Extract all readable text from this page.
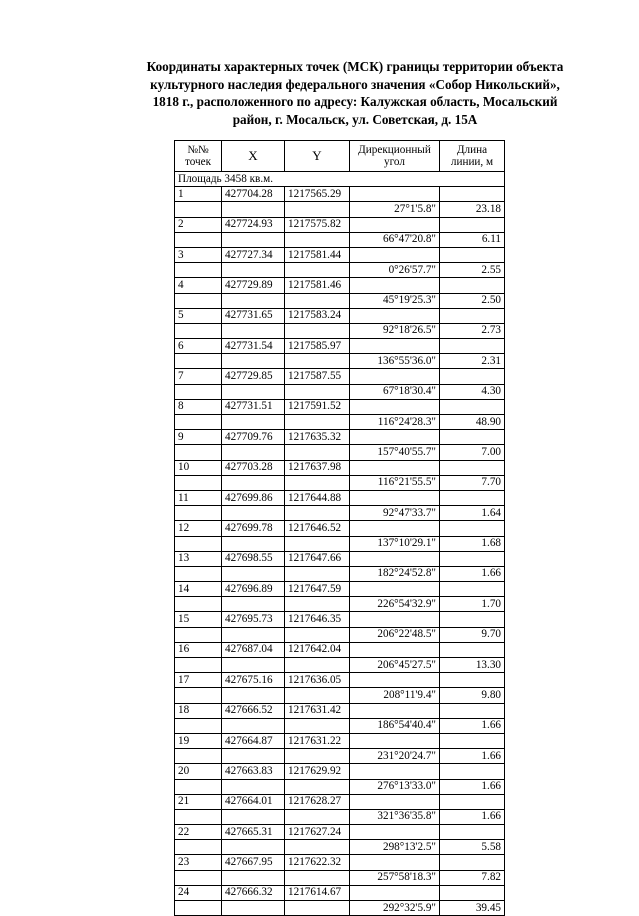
Координаты характерных точек (МСК) границы территории объекта
культурного наследия федерального значения «Собор Никольский»,
1818 г., расположенного по адресу: Калужская область, Мосальский
район, г. Мосальск, ул. Советская, д. 15А
№№ точек	X	Y	Дирекционный угол	Длина линии, м
Площадь 3458 кв.м.				
1	427704.28	1217565.29		
			27°1'5.8"	23.18
2	427724.93	1217575.82		
			66°47'20.8"	6.11
3	427727.34	1217581.44		
			0°26'57.7"	2.55
4	427729.89	1217581.46		
			45°19'25.3"	2.50
5	427731.65	1217583.24		
			92°18'26.5"	2.73
6	427731.54	1217585.97		
			136°55'36.0"	2.31
7	427729.85	1217587.55		
			67°18'30.4"	4.30
8	427731.51	1217591.52		
			116°24'28.3"	48.90
9	427709.76	1217635.32		
			157°40'55.7"	7.00
10	427703.28	1217637.98		
			116°21'55.5"	7.70
11	427699.86	1217644.88		
			92°47'33.7"	1.64
12	427699.78	1217646.52		
			137°10'29.1"	1.68
13	427698.55	1217647.66		
			182°24'52.8"	1.66
14	427696.89	1217647.59		
			226°54'32.9"	1.70
15	427695.73	1217646.35		
			206°22'48.5"	9.70
16	427687.04	1217642.04		
			206°45'27.5"	13.30
17	427675.16	1217636.05		
			208°11'9.4"	9.80
18	427666.52	1217631.42		
			186°54'40.4"	1.66
19	427664.87	1217631.22		
			231°20'24.7"	1.66
20	427663.83	1217629.92		
			276°13'33.0"	1.66
21	427664.01	1217628.27		
			321°36'35.8"	1.66
22	427665.31	1217627.24		
			298°13'2.5"	5.58
23	427667.95	1217622.32		
			257°58'18.3"	7.82
24	427666.32	1217614.67		
			292°32'5.9"	39.45
